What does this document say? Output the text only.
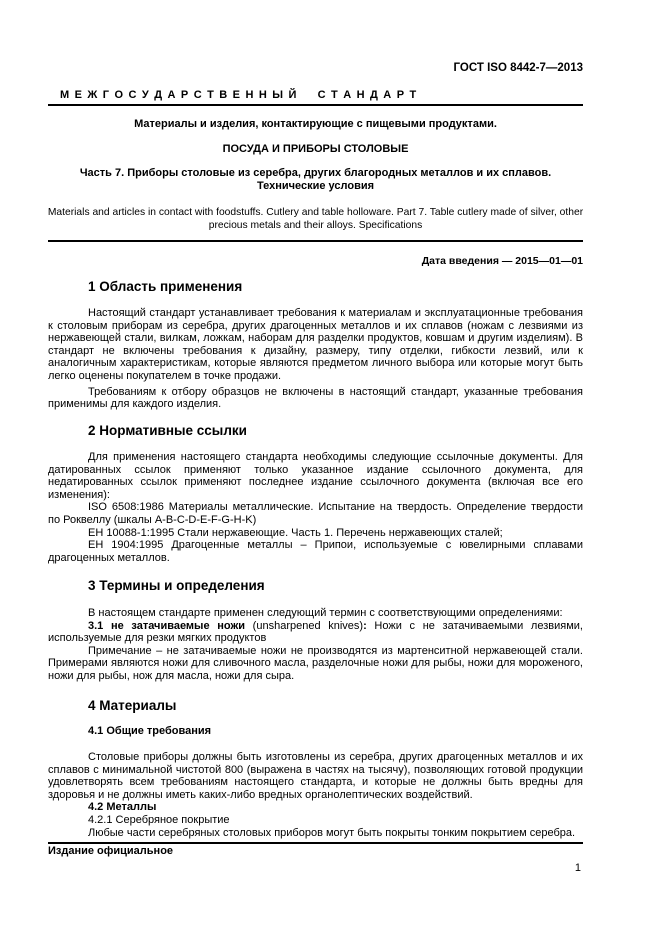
ГОСТ ISO 8442-7—2013
М Е Ж Г О С У Д А Р С Т В Е Н Н Ы Й    С Т А Н Д А Р Т
Материалы и изделия, контактирующие с пищевыми продуктами.
ПОСУДА И ПРИБОРЫ СТОЛОВЫЕ
Часть 7. Приборы столовые из серебра, других благородных металлов и их сплавов.
Технические условия
Materials and articles in contact with foodstuffs. Cutlery and table holloware. Part 7. Table cutlery made of silver, other precious metals and their alloys. Specifications
Дата введения — 2015—01—01
1 Область применения

Настоящий стандарт устанавливает требования к материалам и эксплуатационные требования к столовым приборам из серебра, других драгоценных металлов и их сплавов (ножам с лезвиями из нержавеющей стали, вилкам, ложкам, наборам для разделки продуктов, ковшам и другим изделиям). В стандарт не включены требования к дизайну, размеру, типу отделки, гибкости лезвий, или к аналогичным характеристикам, которые являются предметом личного выбора или которые могут быть легко оценены покупателем в точке продажи.

Требованиям к отбору образцов не включены в настоящий стандарт, указанные требования применимы для каждого изделия.

2 Нормативные ссылки

Для применения настоящего стандарта необходимы следующие ссылочные документы. Для датированных ссылок применяют только указанное издание ссылочного документа, для недатированных ссылок применяют последнее издание ссылочного документа (включая все его изменения):

ISO 6508:1986 Материалы металлические. Испытание на твердость. Определение твердости по Роквеллу (шкалы A-B-C-D-E-F-G-H-K)

ЕН 10088-1:1995 Стали нержавеющие. Часть 1. Перечень нержавеющих сталей;

ЕН 1904:1995 Драгоценные металлы – Припои, используемые с ювелирными сплавами драгоценных металлов.

3 Термины и определения

В настоящем стандарте применен следующий термин с соответствующими определениями:

3.1 не затачиваемые ножи (unsharpened knives): Ножи с не затачиваемыми лезвиями, используемые для резки мягких продуктов

Примечание – не затачиваемые ножи не производятся из мартенситной нержавеющей стали. Примерами являются ножи для сливочного масла, разделочные ножи для рыбы, ножи для мороженого, ножи для рыбы, нож для масла, ножи для сыра.

4 Материалы
4.1 Общие требования

Столовые приборы должны быть изготовлены из серебра, других драгоценных металлов и их сплавов с минимальной чистотой 800 (выражена в частях на тысячу), позволяющих готовой продукции удовлетворять всем требованиям настоящего стандарта, и которые не должны быть вредны для здоровья и не должны иметь каких-либо вредных органолептических воздействий.

4.2 Металлы

4.2.1 Серебряное покрытие

Любые части серебряных столовых приборов могут быть покрыты тонким покрытием серебра.

Издание официальное
1
